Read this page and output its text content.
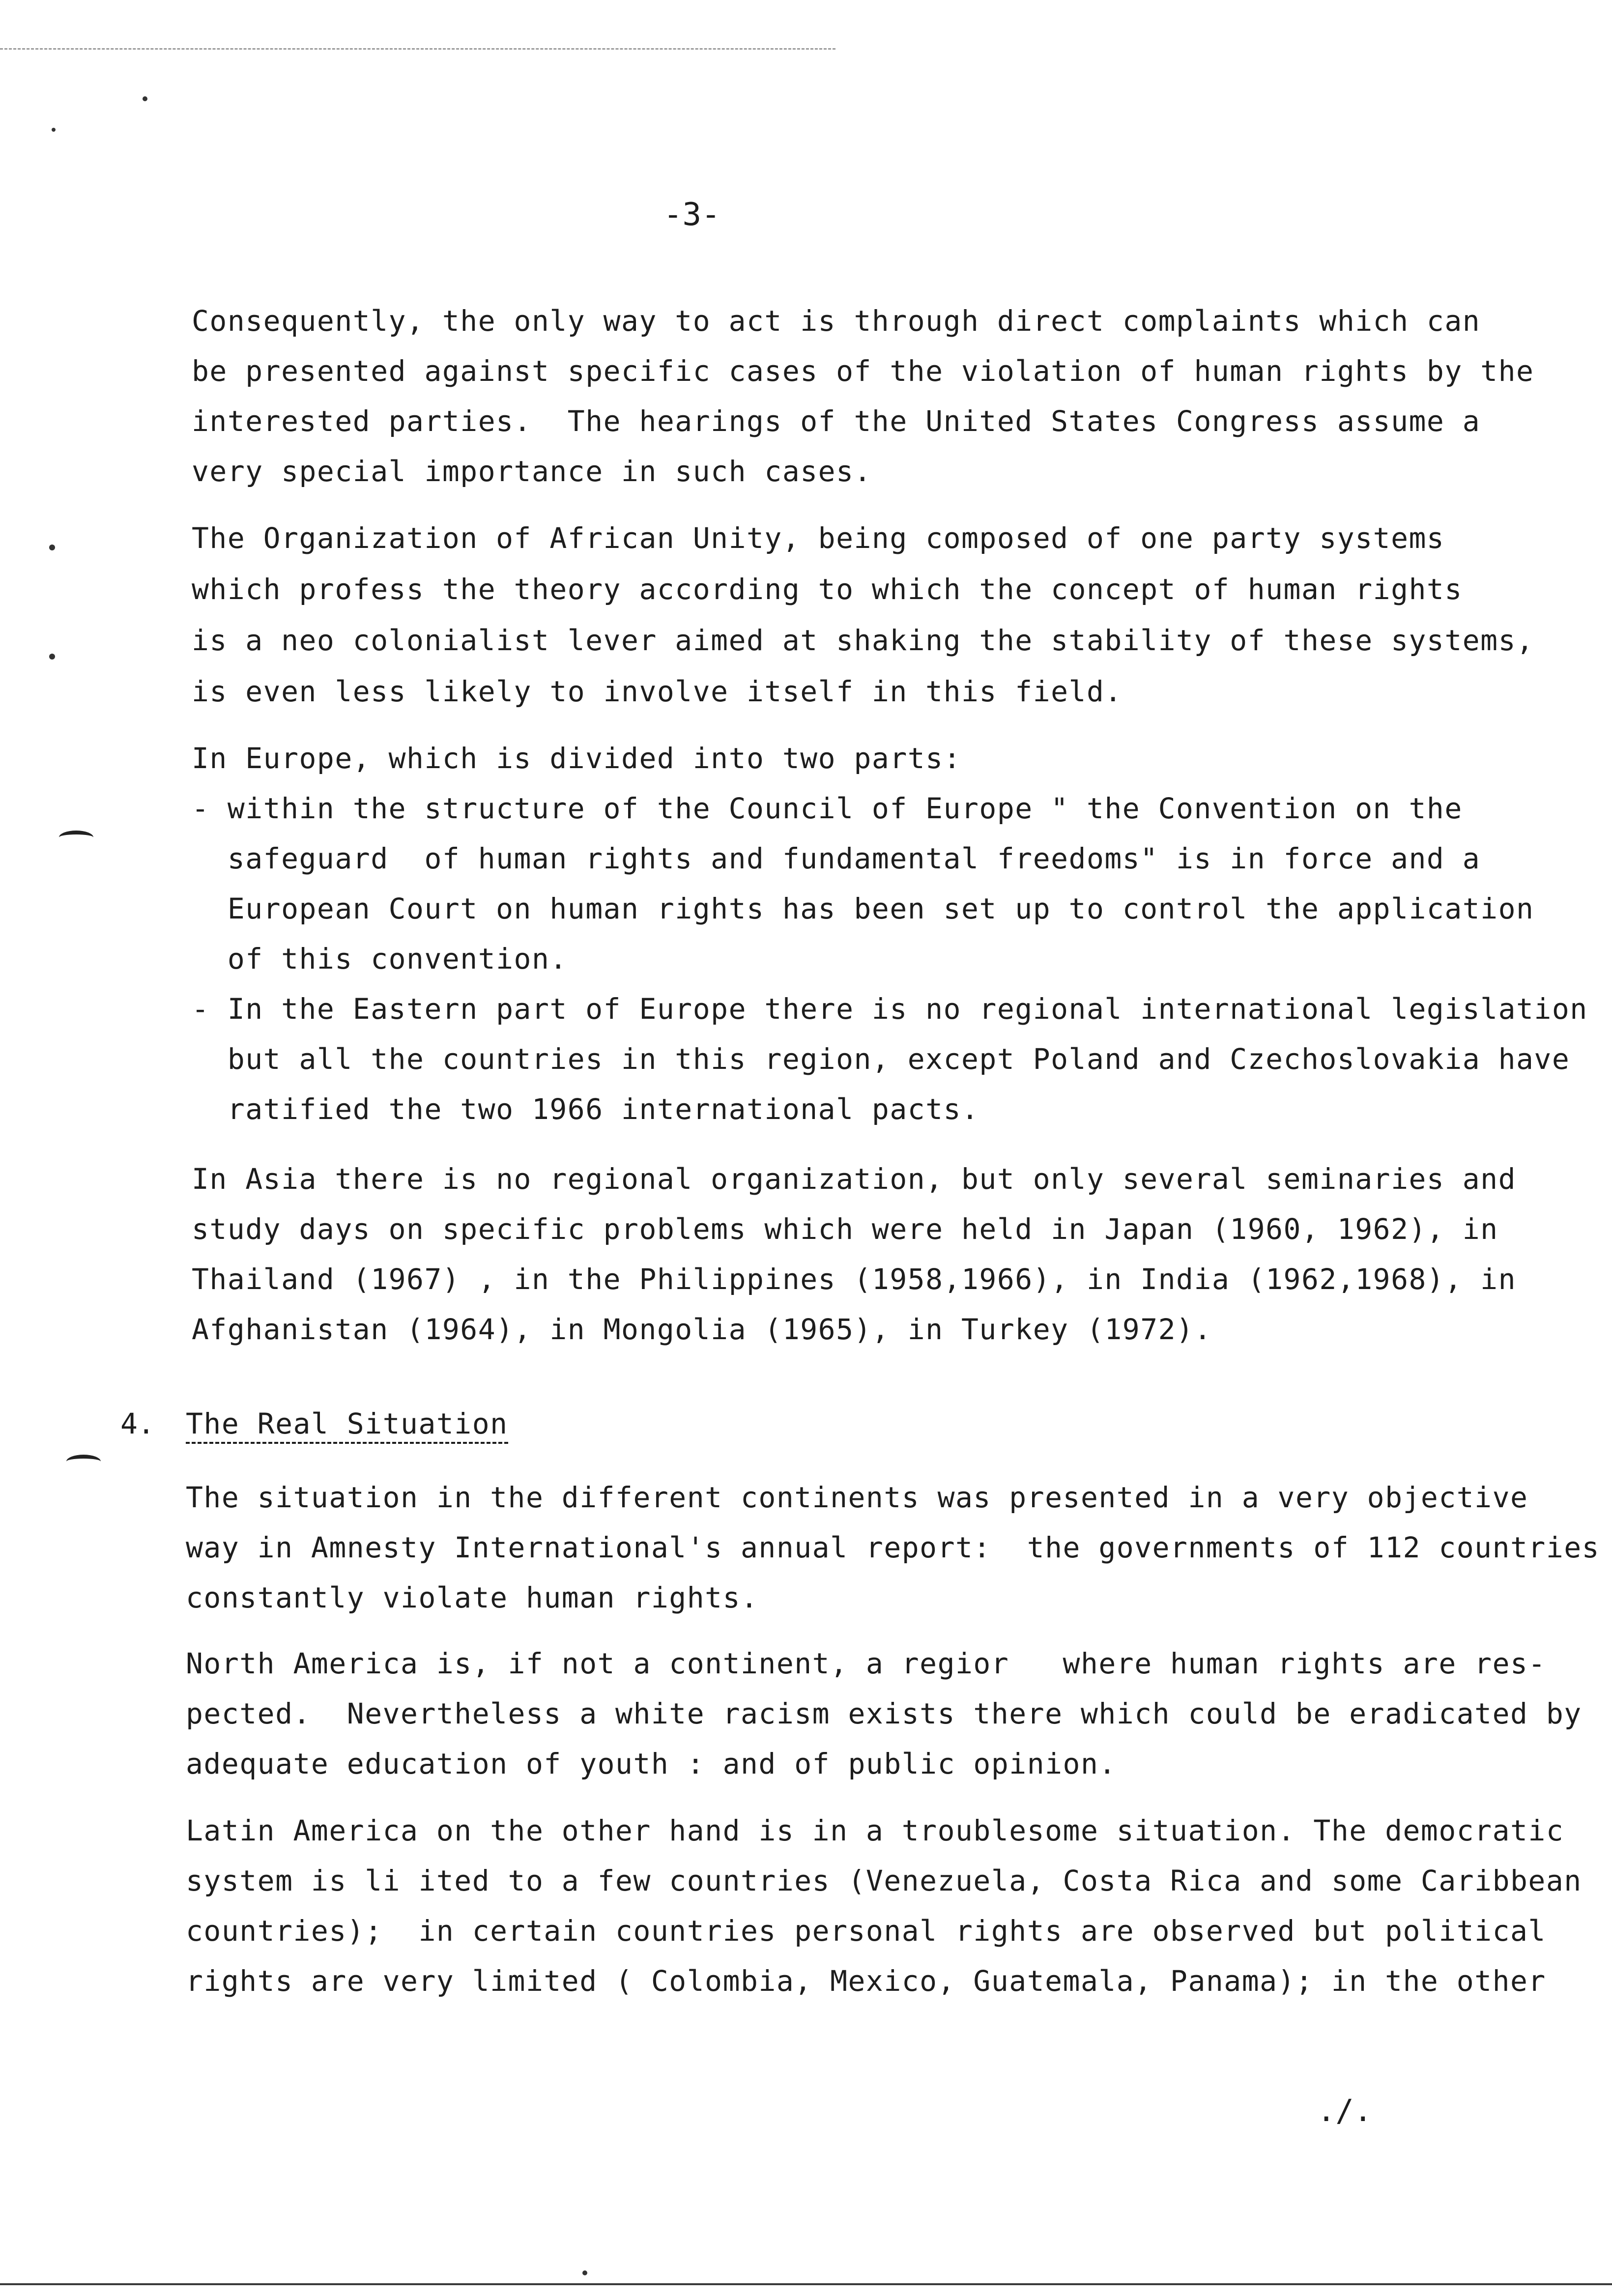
-3-
Consequently, the only way to act is through direct complaints which can
be presented against specific cases of the violation of human rights by the
interested parties.  The hearings of the United States Congress assume a
very special importance in such cases.
The Organization of African Unity, being composed of one party systems
which profess the theory according to which the concept of human rights
is a neo colonialist lever aimed at shaking the stability of these systems,
is even less likely to involve itself in this field.
In Europe, which is divided into two parts:
- within the structure of the Council of Europe " the Convention on the
safeguard  of human rights and fundamental freedoms" is in force and a
European Court on human rights has been set up to control the application
of this convention.
- In the Eastern part of Europe there is no regional international legislation
but all the countries in this region, except Poland and Czechoslovakia have
ratified the two 1966 international pacts.
In Asia there is no regional organization, but only several seminaries and
study days on specific problems which were held in Japan (1960, 1962), in
Thailand (1967) , in the Philippines (1958,1966), in India (1962,1968), in
Afghanistan (1964), in Mongolia (1965), in Turkey (1972).
4. The Real Situation
The situation in the different continents was presented in a very objective
way in Amnesty International's annual report:  the governments of 112 countries
constantly violate human rights.
North America is, if not a continent, a regior   where human rights are res-
pected.  Nevertheless a white racism exists there which could be eradicated by
adequate education of youth : and of public opinion.
Latin America on the other hand is in a troublesome situation. The democratic
system is li ited to a few countries (Venezuela, Costa Rica and some Caribbean
countries);  in certain countries personal rights are observed but political
rights are very limited ( Colombia, Mexico, Guatemala, Panama); in the other
./.
